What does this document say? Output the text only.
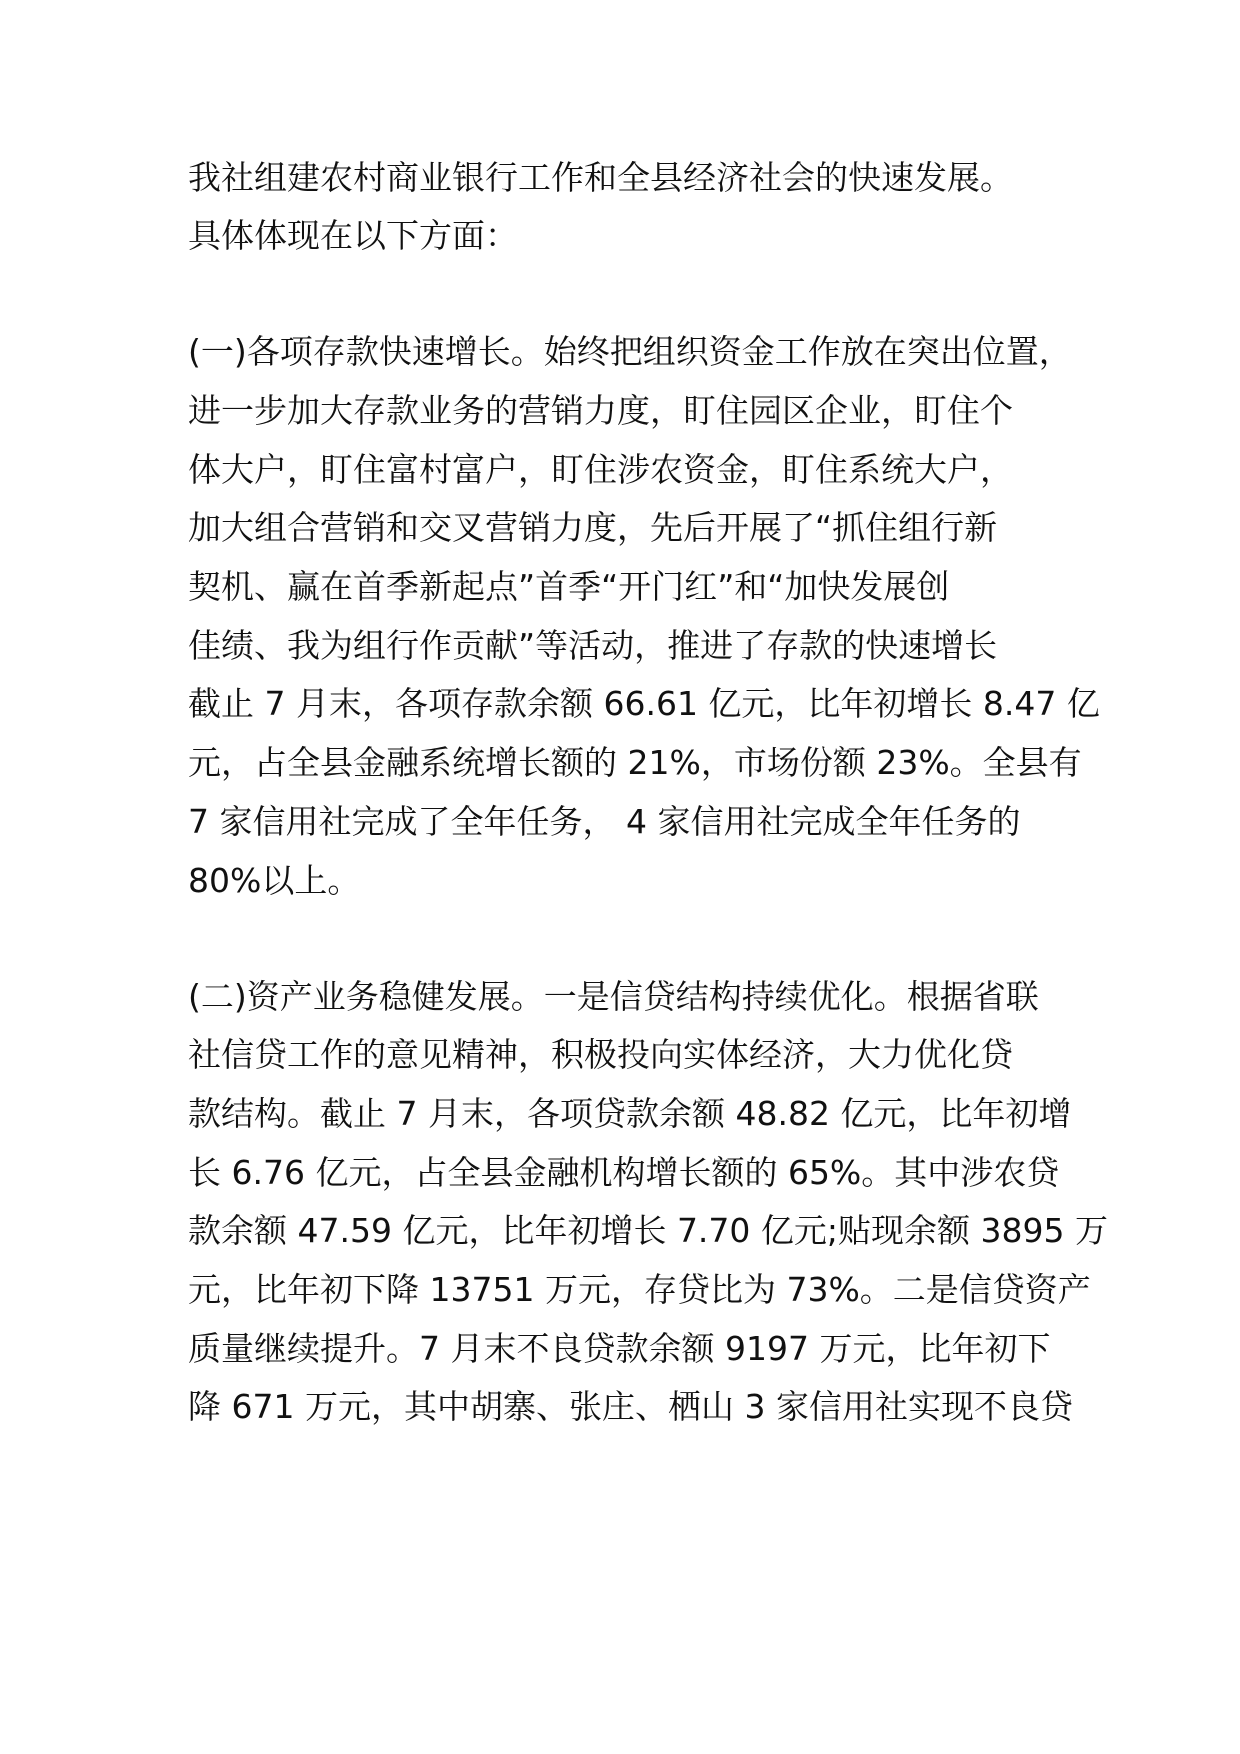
我社组建农村商业银行工作和全县经济社会的快速发展。
具体体现在以下方面：
(一)各项存款快速增长。始终把组织资金工作放在突出位置，
进一步加大存款业务的营销力度，盯住园区企业，盯住个
体大户，盯住富村富户，盯住涉农资金，盯住系统大户，
加大组合营销和交叉营销力度，先后开展了“抓住组行新
契机、赢在首季新起点”首季“开门红”和“加快发展创
佳绩、我为组行作贡献”等活动，推进了存款的快速增长
截止 7 月末，各项存款余额 66.61 亿元，比年初增长 8.47 亿
元，占全县金融系统增长额的 21%，市场份额 23%。全县有
7 家信用社完成了全年任务， 4 家信用社完成全年任务的
80%以上。
(二)资产业务稳健发展。一是信贷结构持续优化。根据省联
社信贷工作的意见精神，积极投向实体经济，大力优化贷
款结构。截止 7 月末，各项贷款余额 48.82 亿元，比年初增
长 6.76 亿元，占全县金融机构增长额的 65%。其中涉农贷
款余额 47.59 亿元，比年初增长 7.70 亿元;贴现余额 3895 万
元，比年初下降 13751 万元，存贷比为 73%。二是信贷资产
质量继续提升。7 月末不良贷款余额 9197 万元，比年初下
降 671 万元，其中胡寨、张庄、栖山 3 家信用社实现不良贷
